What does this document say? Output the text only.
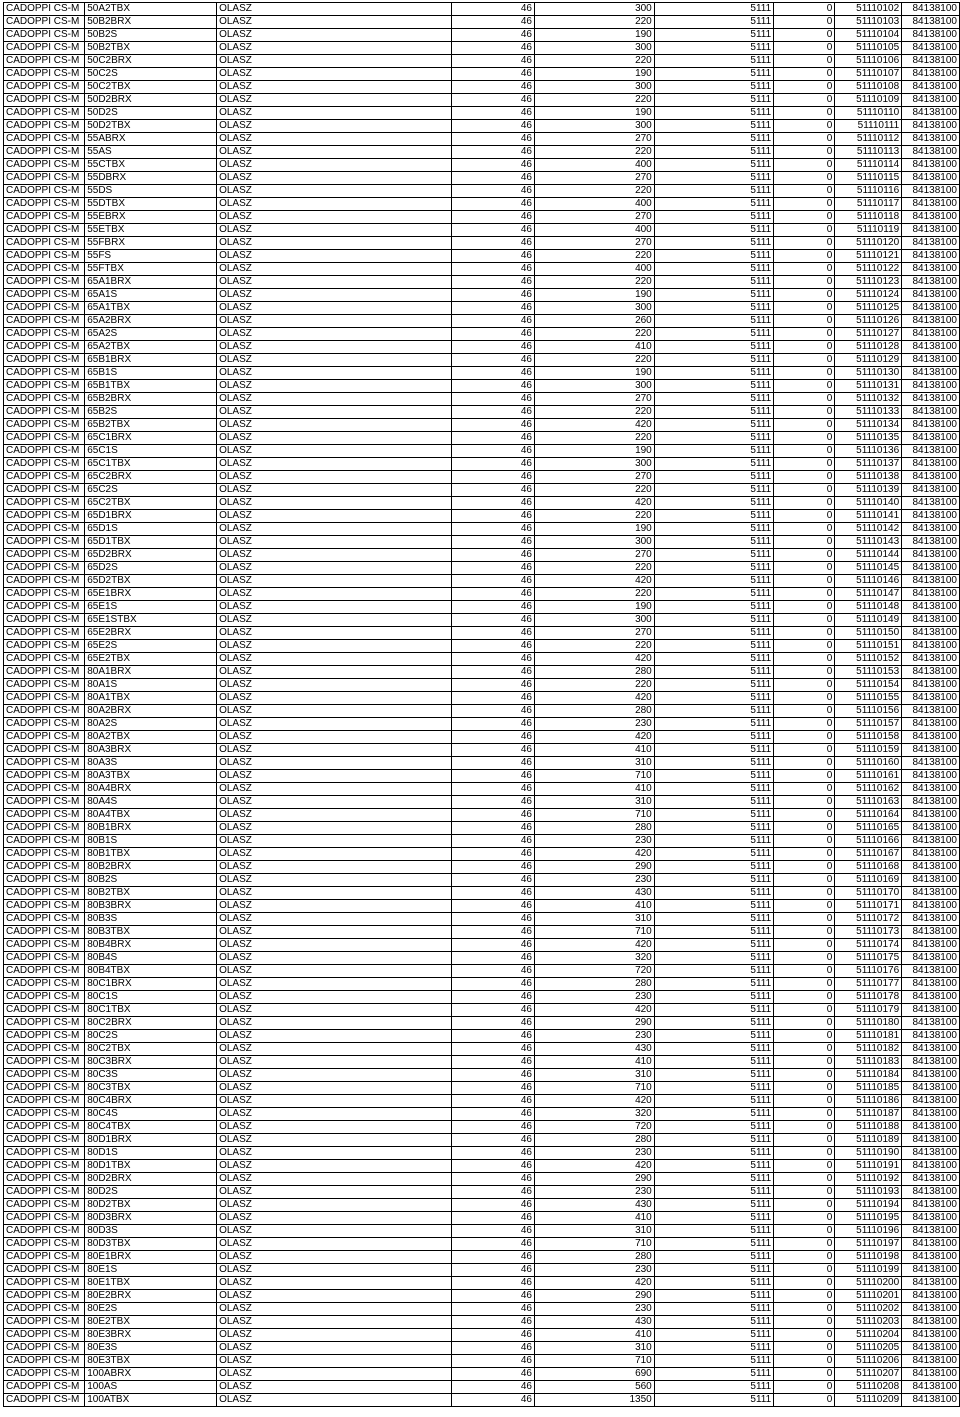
CADOPPI CS-M	50A2TBX	OLASZ	46	300	5111	0	51110102	84138100
CADOPPI CS-M	50B2BRX	OLASZ	46	220	5111	0	51110103	84138100
CADOPPI CS-M	50B2S	OLASZ	46	190	5111	0	51110104	84138100
CADOPPI CS-M	50B2TBX	OLASZ	46	300	5111	0	51110105	84138100
CADOPPI CS-M	50C2BRX	OLASZ	46	220	5111	0	51110106	84138100
CADOPPI CS-M	50C2S	OLASZ	46	190	5111	0	51110107	84138100
CADOPPI CS-M	50C2TBX	OLASZ	46	300	5111	0	51110108	84138100
CADOPPI CS-M	50D2BRX	OLASZ	46	220	5111	0	51110109	84138100
CADOPPI CS-M	50D2S	OLASZ	46	190	5111	0	51110110	84138100
CADOPPI CS-M	50D2TBX	OLASZ	46	300	5111	0	51110111	84138100
CADOPPI CS-M	55ABRX	OLASZ	46	270	5111	0	51110112	84138100
CADOPPI CS-M	55AS	OLASZ	46	220	5111	0	51110113	84138100
CADOPPI CS-M	55CTBX	OLASZ	46	400	5111	0	51110114	84138100
CADOPPI CS-M	55DBRX	OLASZ	46	270	5111	0	51110115	84138100
CADOPPI CS-M	55DS	OLASZ	46	220	5111	0	51110116	84138100
CADOPPI CS-M	55DTBX	OLASZ	46	400	5111	0	51110117	84138100
CADOPPI CS-M	55EBRX	OLASZ	46	270	5111	0	51110118	84138100
CADOPPI CS-M	55ETBX	OLASZ	46	400	5111	0	51110119	84138100
CADOPPI CS-M	55FBRX	OLASZ	46	270	5111	0	51110120	84138100
CADOPPI CS-M	55FS	OLASZ	46	220	5111	0	51110121	84138100
CADOPPI CS-M	55FTBX	OLASZ	46	400	5111	0	51110122	84138100
CADOPPI CS-M	65A1BRX	OLASZ	46	220	5111	0	51110123	84138100
CADOPPI CS-M	65A1S	OLASZ	46	190	5111	0	51110124	84138100
CADOPPI CS-M	65A1TBX	OLASZ	46	300	5111	0	51110125	84138100
CADOPPI CS-M	65A2BRX	OLASZ	46	260	5111	0	51110126	84138100
CADOPPI CS-M	65A2S	OLASZ	46	220	5111	0	51110127	84138100
CADOPPI CS-M	65A2TBX	OLASZ	46	410	5111	0	51110128	84138100
CADOPPI CS-M	65B1BRX	OLASZ	46	220	5111	0	51110129	84138100
CADOPPI CS-M	65B1S	OLASZ	46	190	5111	0	51110130	84138100
CADOPPI CS-M	65B1TBX	OLASZ	46	300	5111	0	51110131	84138100
CADOPPI CS-M	65B2BRX	OLASZ	46	270	5111	0	51110132	84138100
CADOPPI CS-M	65B2S	OLASZ	46	220	5111	0	51110133	84138100
CADOPPI CS-M	65B2TBX	OLASZ	46	420	5111	0	51110134	84138100
CADOPPI CS-M	65C1BRX	OLASZ	46	220	5111	0	51110135	84138100
CADOPPI CS-M	65C1S	OLASZ	46	190	5111	0	51110136	84138100
CADOPPI CS-M	65C1TBX	OLASZ	46	300	5111	0	51110137	84138100
CADOPPI CS-M	65C2BRX	OLASZ	46	270	5111	0	51110138	84138100
CADOPPI CS-M	65C2S	OLASZ	46	220	5111	0	51110139	84138100
CADOPPI CS-M	65C2TBX	OLASZ	46	420	5111	0	51110140	84138100
CADOPPI CS-M	65D1BRX	OLASZ	46	220	5111	0	51110141	84138100
CADOPPI CS-M	65D1S	OLASZ	46	190	5111	0	51110142	84138100
CADOPPI CS-M	65D1TBX	OLASZ	46	300	5111	0	51110143	84138100
CADOPPI CS-M	65D2BRX	OLASZ	46	270	5111	0	51110144	84138100
CADOPPI CS-M	65D2S	OLASZ	46	220	5111	0	51110145	84138100
CADOPPI CS-M	65D2TBX	OLASZ	46	420	5111	0	51110146	84138100
CADOPPI CS-M	65E1BRX	OLASZ	46	220	5111	0	51110147	84138100
CADOPPI CS-M	65E1S	OLASZ	46	190	5111	0	51110148	84138100
CADOPPI CS-M	65E1STBX	OLASZ	46	300	5111	0	51110149	84138100
CADOPPI CS-M	65E2BRX	OLASZ	46	270	5111	0	51110150	84138100
CADOPPI CS-M	65E2S	OLASZ	46	220	5111	0	51110151	84138100
CADOPPI CS-M	65E2TBX	OLASZ	46	420	5111	0	51110152	84138100
CADOPPI CS-M	80A1BRX	OLASZ	46	280	5111	0	51110153	84138100
CADOPPI CS-M	80A1S	OLASZ	46	220	5111	0	51110154	84138100
CADOPPI CS-M	80A1TBX	OLASZ	46	420	5111	0	51110155	84138100
CADOPPI CS-M	80A2BRX	OLASZ	46	280	5111	0	51110156	84138100
CADOPPI CS-M	80A2S	OLASZ	46	230	5111	0	51110157	84138100
CADOPPI CS-M	80A2TBX	OLASZ	46	420	5111	0	51110158	84138100
CADOPPI CS-M	80A3BRX	OLASZ	46	410	5111	0	51110159	84138100
CADOPPI CS-M	80A3S	OLASZ	46	310	5111	0	51110160	84138100
CADOPPI CS-M	80A3TBX	OLASZ	46	710	5111	0	51110161	84138100
CADOPPI CS-M	80A4BRX	OLASZ	46	410	5111	0	51110162	84138100
CADOPPI CS-M	80A4S	OLASZ	46	310	5111	0	51110163	84138100
CADOPPI CS-M	80A4TBX	OLASZ	46	710	5111	0	51110164	84138100
CADOPPI CS-M	80B1BRX	OLASZ	46	280	5111	0	51110165	84138100
CADOPPI CS-M	80B1S	OLASZ	46	230	5111	0	51110166	84138100
CADOPPI CS-M	80B1TBX	OLASZ	46	420	5111	0	51110167	84138100
CADOPPI CS-M	80B2BRX	OLASZ	46	290	5111	0	51110168	84138100
CADOPPI CS-M	80B2S	OLASZ	46	230	5111	0	51110169	84138100
CADOPPI CS-M	80B2TBX	OLASZ	46	430	5111	0	51110170	84138100
CADOPPI CS-M	80B3BRX	OLASZ	46	410	5111	0	51110171	84138100
CADOPPI CS-M	80B3S	OLASZ	46	310	5111	0	51110172	84138100
CADOPPI CS-M	80B3TBX	OLASZ	46	710	5111	0	51110173	84138100
CADOPPI CS-M	80B4BRX	OLASZ	46	420	5111	0	51110174	84138100
CADOPPI CS-M	80B4S	OLASZ	46	320	5111	0	51110175	84138100
CADOPPI CS-M	80B4TBX	OLASZ	46	720	5111	0	51110176	84138100
CADOPPI CS-M	80C1BRX	OLASZ	46	280	5111	0	51110177	84138100
CADOPPI CS-M	80C1S	OLASZ	46	230	5111	0	51110178	84138100
CADOPPI CS-M	80C1TBX	OLASZ	46	420	5111	0	51110179	84138100
CADOPPI CS-M	80C2BRX	OLASZ	46	290	5111	0	51110180	84138100
CADOPPI CS-M	80C2S	OLASZ	46	230	5111	0	51110181	84138100
CADOPPI CS-M	80C2TBX	OLASZ	46	430	5111	0	51110182	84138100
CADOPPI CS-M	80C3BRX	OLASZ	46	410	5111	0	51110183	84138100
CADOPPI CS-M	80C3S	OLASZ	46	310	5111	0	51110184	84138100
CADOPPI CS-M	80C3TBX	OLASZ	46	710	5111	0	51110185	84138100
CADOPPI CS-M	80C4BRX	OLASZ	46	420	5111	0	51110186	84138100
CADOPPI CS-M	80C4S	OLASZ	46	320	5111	0	51110187	84138100
CADOPPI CS-M	80C4TBX	OLASZ	46	720	5111	0	51110188	84138100
CADOPPI CS-M	80D1BRX	OLASZ	46	280	5111	0	51110189	84138100
CADOPPI CS-M	80D1S	OLASZ	46	230	5111	0	51110190	84138100
CADOPPI CS-M	80D1TBX	OLASZ	46	420	5111	0	51110191	84138100
CADOPPI CS-M	80D2BRX	OLASZ	46	290	5111	0	51110192	84138100
CADOPPI CS-M	80D2S	OLASZ	46	230	5111	0	51110193	84138100
CADOPPI CS-M	80D2TBX	OLASZ	46	430	5111	0	51110194	84138100
CADOPPI CS-M	80D3BRX	OLASZ	46	410	5111	0	51110195	84138100
CADOPPI CS-M	80D3S	OLASZ	46	310	5111	0	51110196	84138100
CADOPPI CS-M	80D3TBX	OLASZ	46	710	5111	0	51110197	84138100
CADOPPI CS-M	80E1BRX	OLASZ	46	280	5111	0	51110198	84138100
CADOPPI CS-M	80E1S	OLASZ	46	230	5111	0	51110199	84138100
CADOPPI CS-M	80E1TBX	OLASZ	46	420	5111	0	51110200	84138100
CADOPPI CS-M	80E2BRX	OLASZ	46	290	5111	0	51110201	84138100
CADOPPI CS-M	80E2S	OLASZ	46	230	5111	0	51110202	84138100
CADOPPI CS-M	80E2TBX	OLASZ	46	430	5111	0	51110203	84138100
CADOPPI CS-M	80E3BRX	OLASZ	46	410	5111	0	51110204	84138100
CADOPPI CS-M	80E3S	OLASZ	46	310	5111	0	51110205	84138100
CADOPPI CS-M	80E3TBX	OLASZ	46	710	5111	0	51110206	84138100
CADOPPI CS-M	100ABRX	OLASZ	46	690	5111	0	51110207	84138100
CADOPPI CS-M	100AS	OLASZ	46	560	5111	0	51110208	84138100
CADOPPI CS-M	100ATBX	OLASZ	46	1350	5111	0	51110209	84138100
